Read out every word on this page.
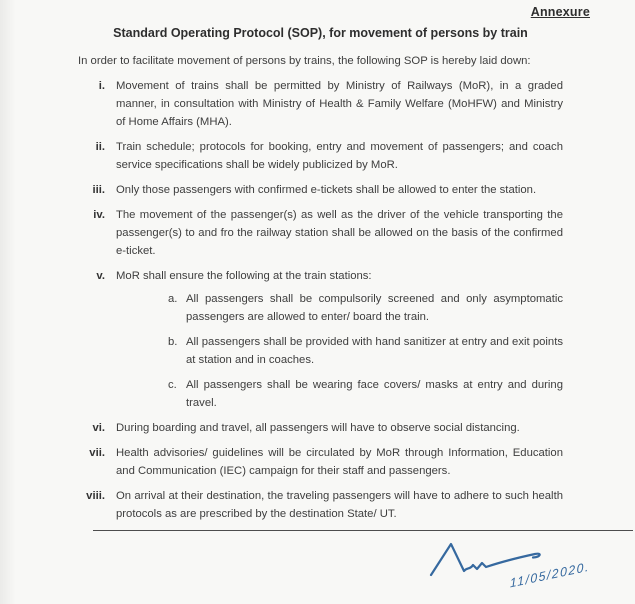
Annexure
Standard Operating Protocol (SOP), for movement of persons by train

In order to facilitate movement of persons by trains, the following SOP is hereby laid down:

i. Movement of trains shall be permitted by Ministry of Railways (MoR), in a graded manner, in consultation with Ministry of Health & Family Welfare (MoHFW) and Ministry of Home Affairs (MHA).
ii. Train schedule; protocols for booking, entry and movement of passengers; and coach service specifications shall be widely publicized by MoR.
iii. Only those passengers with confirmed e-tickets shall be allowed to enter the station.
iv. The movement of the passenger(s) as well as the driver of the vehicle transporting the passenger(s) to and fro the railway station shall be allowed on the basis of the confirmed e-ticket.
v. MoR shall ensure the following at the train stations:
a. All passengers shall be compulsorily screened and only asymptomatic passengers are allowed to enter/ board the train.
b. All passengers shall be provided with hand sanitizer at entry and exit points at station and in coaches.
c. All passengers shall be wearing face covers/ masks at entry and during travel.
vi. During boarding and travel, all passengers will have to observe social distancing.
vii. Health advisories/ guidelines will be circulated by MoR through Information, Education and Communication (IEC) campaign for their staff and passengers.
viii. On arrival at their destination, the traveling passengers will have to adhere to such health protocols as are prescribed by the destination State/ UT.
11/05/2020.
